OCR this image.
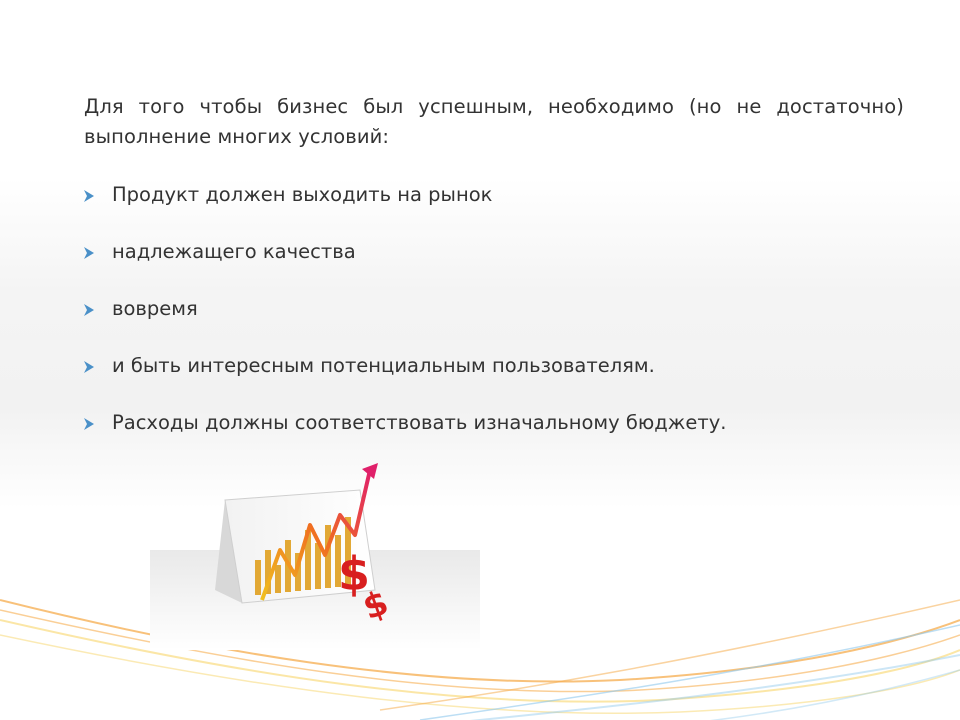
Для того чтобы бизнес был успешным, необходимо (но не достаточно)
выполнение многих условий:
Продукт должен выходить на рынок
надлежащего качества
вовремя
и быть интересным потенциальным пользователям.
Расходы должны соответствовать изначальному бюджету.
$
$
